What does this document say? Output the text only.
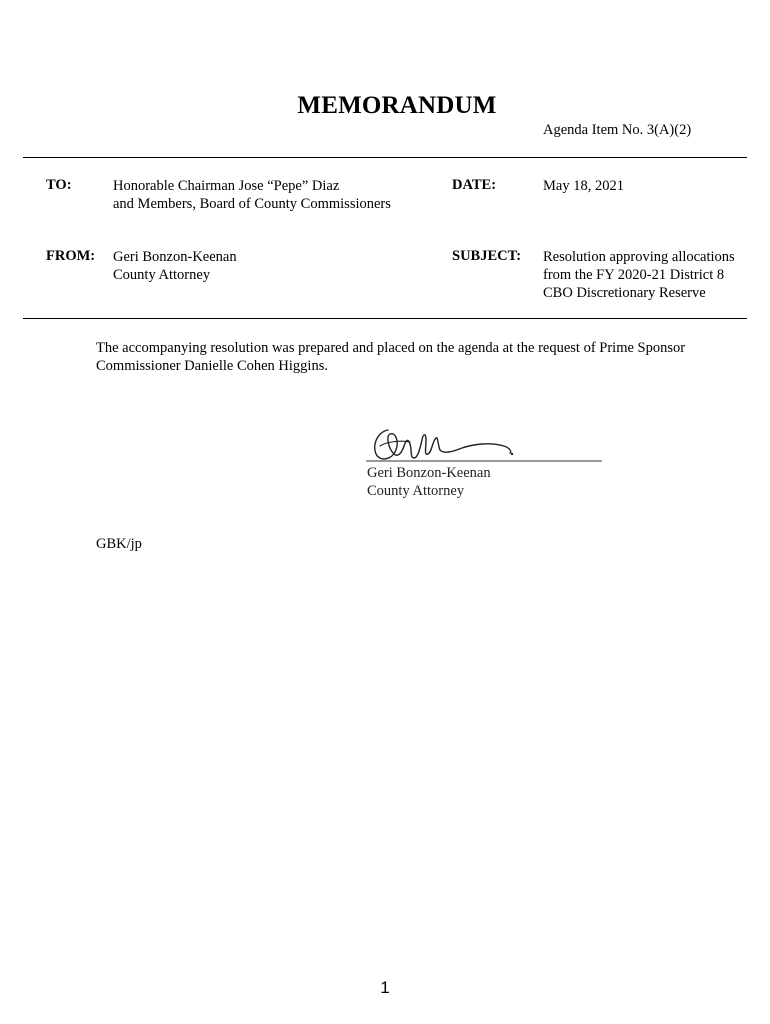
MEMORANDUM
Agenda Item No. 3(A)(2)
TO:	Honorable Chairman Jose “Pepe” Diaz
and Members, Board of County Commissioners
DATE:	May 18, 2021
FROM: Geri Bonzon-Keenan
County Attorney
SUBJECT: Resolution approving allocations
from the FY 2020-21 District 8
CBO Discretionary Reserve
The accompanying resolution was prepared and placed on the agenda at the request of Prime Sponsor
Commissioner Danielle Cohen Higgins.
Geri Bonzon-Keenan
County Attorney
GBK/jp
1
